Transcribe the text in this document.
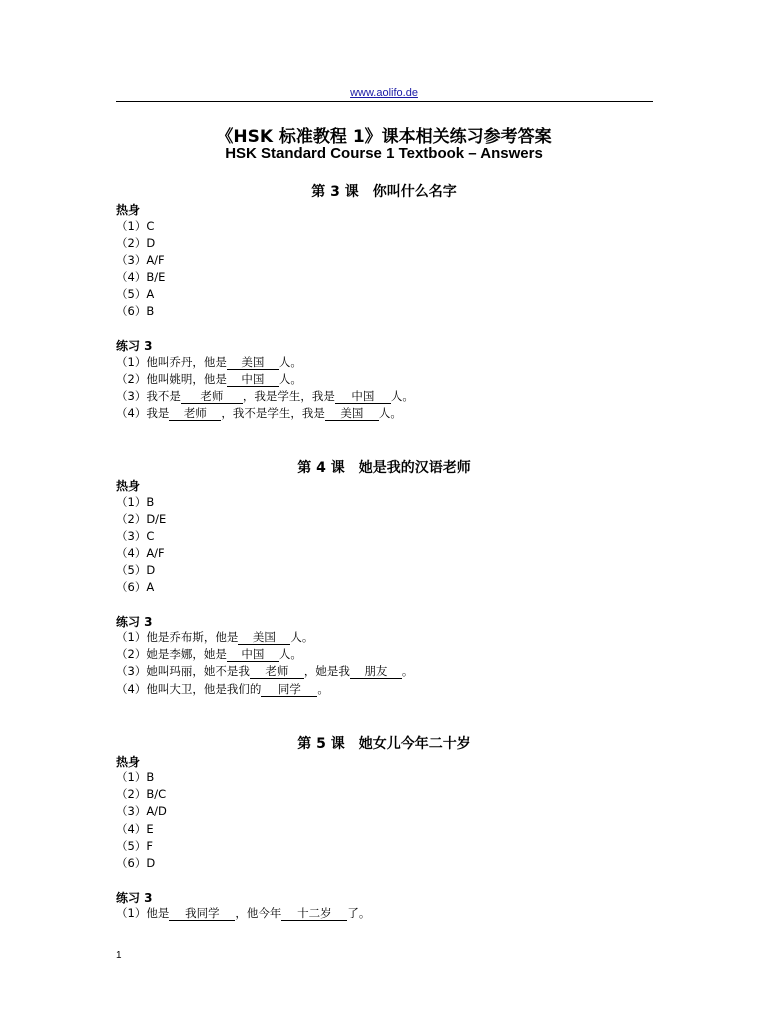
www.aolifo.de
《HSK 标准教程 1》课本相关练习参考答案
HSK Standard Course 1 Textbook – Answers
第 3 课　你叫什么名字
热身
（1）C
（2）D
（3）A/F
（4）B/E
（5）A
（6）B
练习 3
（1）他叫乔丹，他是 美国 人。
（2）他叫姚明，他是 中国 人。
（3）我不是 老师 ，我是学生，我是 中国 人。
（4）我是 老师 ，我不是学生，我是 美国 人。
第 4 课　她是我的汉语老师
热身
（1）B
（2）D/E
（3）C
（4）A/F
（5）D
（6）A
练习 3
（1）他是乔布斯，他是 美国 人。
（2）她是李娜，她是 中国 人。
（3）她叫玛丽，她不是我 老师 ，她是我 朋友 。
（4）他叫大卫，他是我们的 同学 。
第 5 课　她女儿今年二十岁
热身
（1）B
（2）B/C
（3）A/D
（4）E
（5）F
（6）D
练习 3
（1）他是 我同学 ，他今年 十二岁 了。
1
